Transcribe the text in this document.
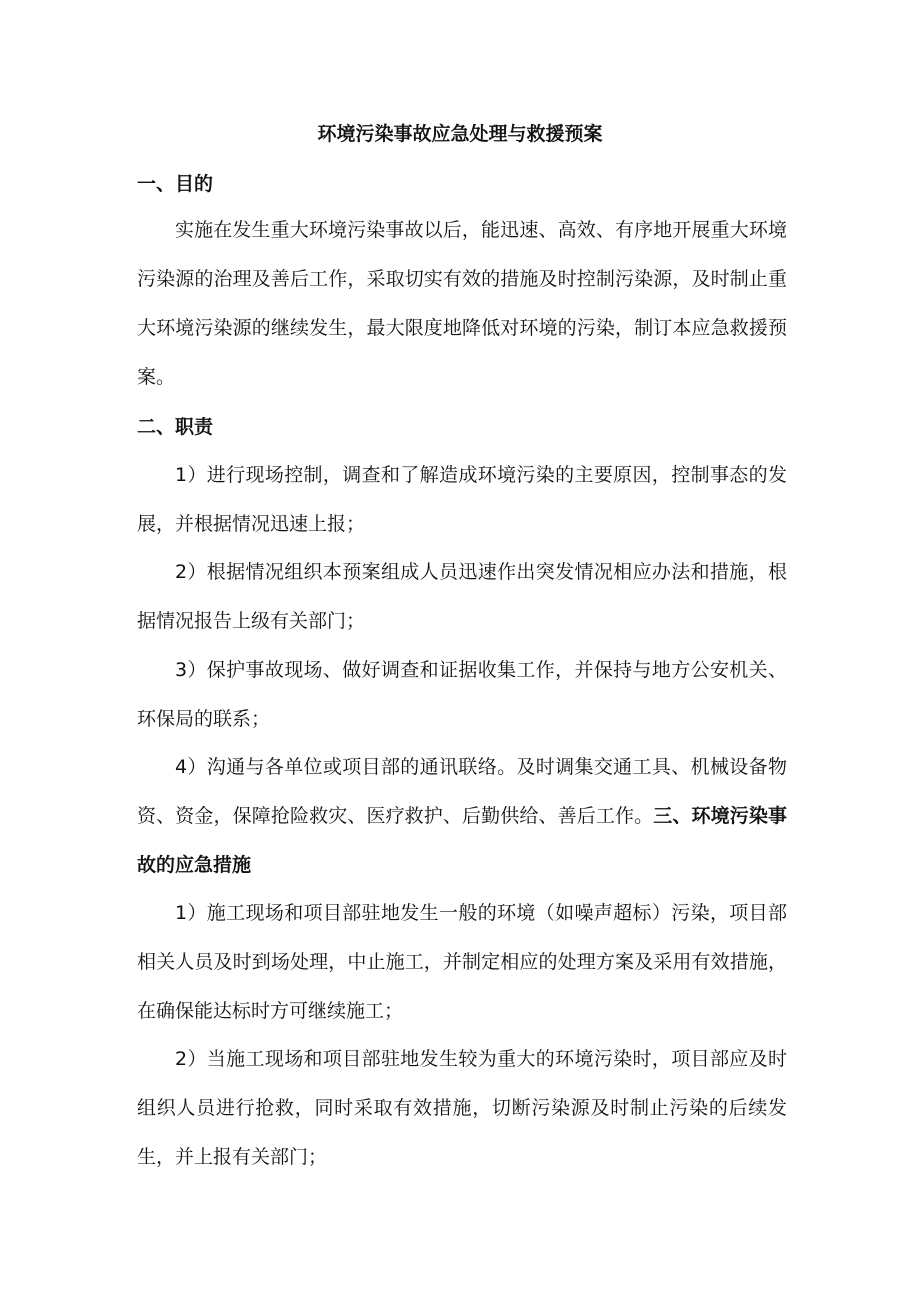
环境污染事故应急处理与救援预案
一、目的

实施在发生重大环境污染事故以后，能迅速、高效、有序地开展重大环境污染源的治理及善后工作，采取切实有效的措施及时控制污染源，及时制止重大环境污染源的继续发生，最大限度地降低对环境的污染，制订本应急救援预案。

二、职责

1）进行现场控制，调查和了解造成环境污染的主要原因，控制事态的发展，并根据情况迅速上报；

2）根据情况组织本预案组成人员迅速作出突发情况相应办法和措施，根据情况报告上级有关部门；

3）保护事故现场、做好调查和证据收集工作，并保持与地方公安机关、环保局的联系；

4）沟通与各单位或项目部的通讯联络。及时调集交通工具、机械设备物资、资金，保障抢险救灾、医疗救护、后勤供给、善后工作。三、环境污染事故的应急措施

1）施工现场和项目部驻地发生一般的环境（如噪声超标）污染，项目部相关人员及时到场处理，中止施工，并制定相应的处理方案及采用有效措施，在确保能达标时方可继续施工；

2）当施工现场和项目部驻地发生较为重大的环境污染时，项目部应及时组织人员进行抢救，同时采取有效措施，切断污染源及时制止污染的后续发生，并上报有关部门；
